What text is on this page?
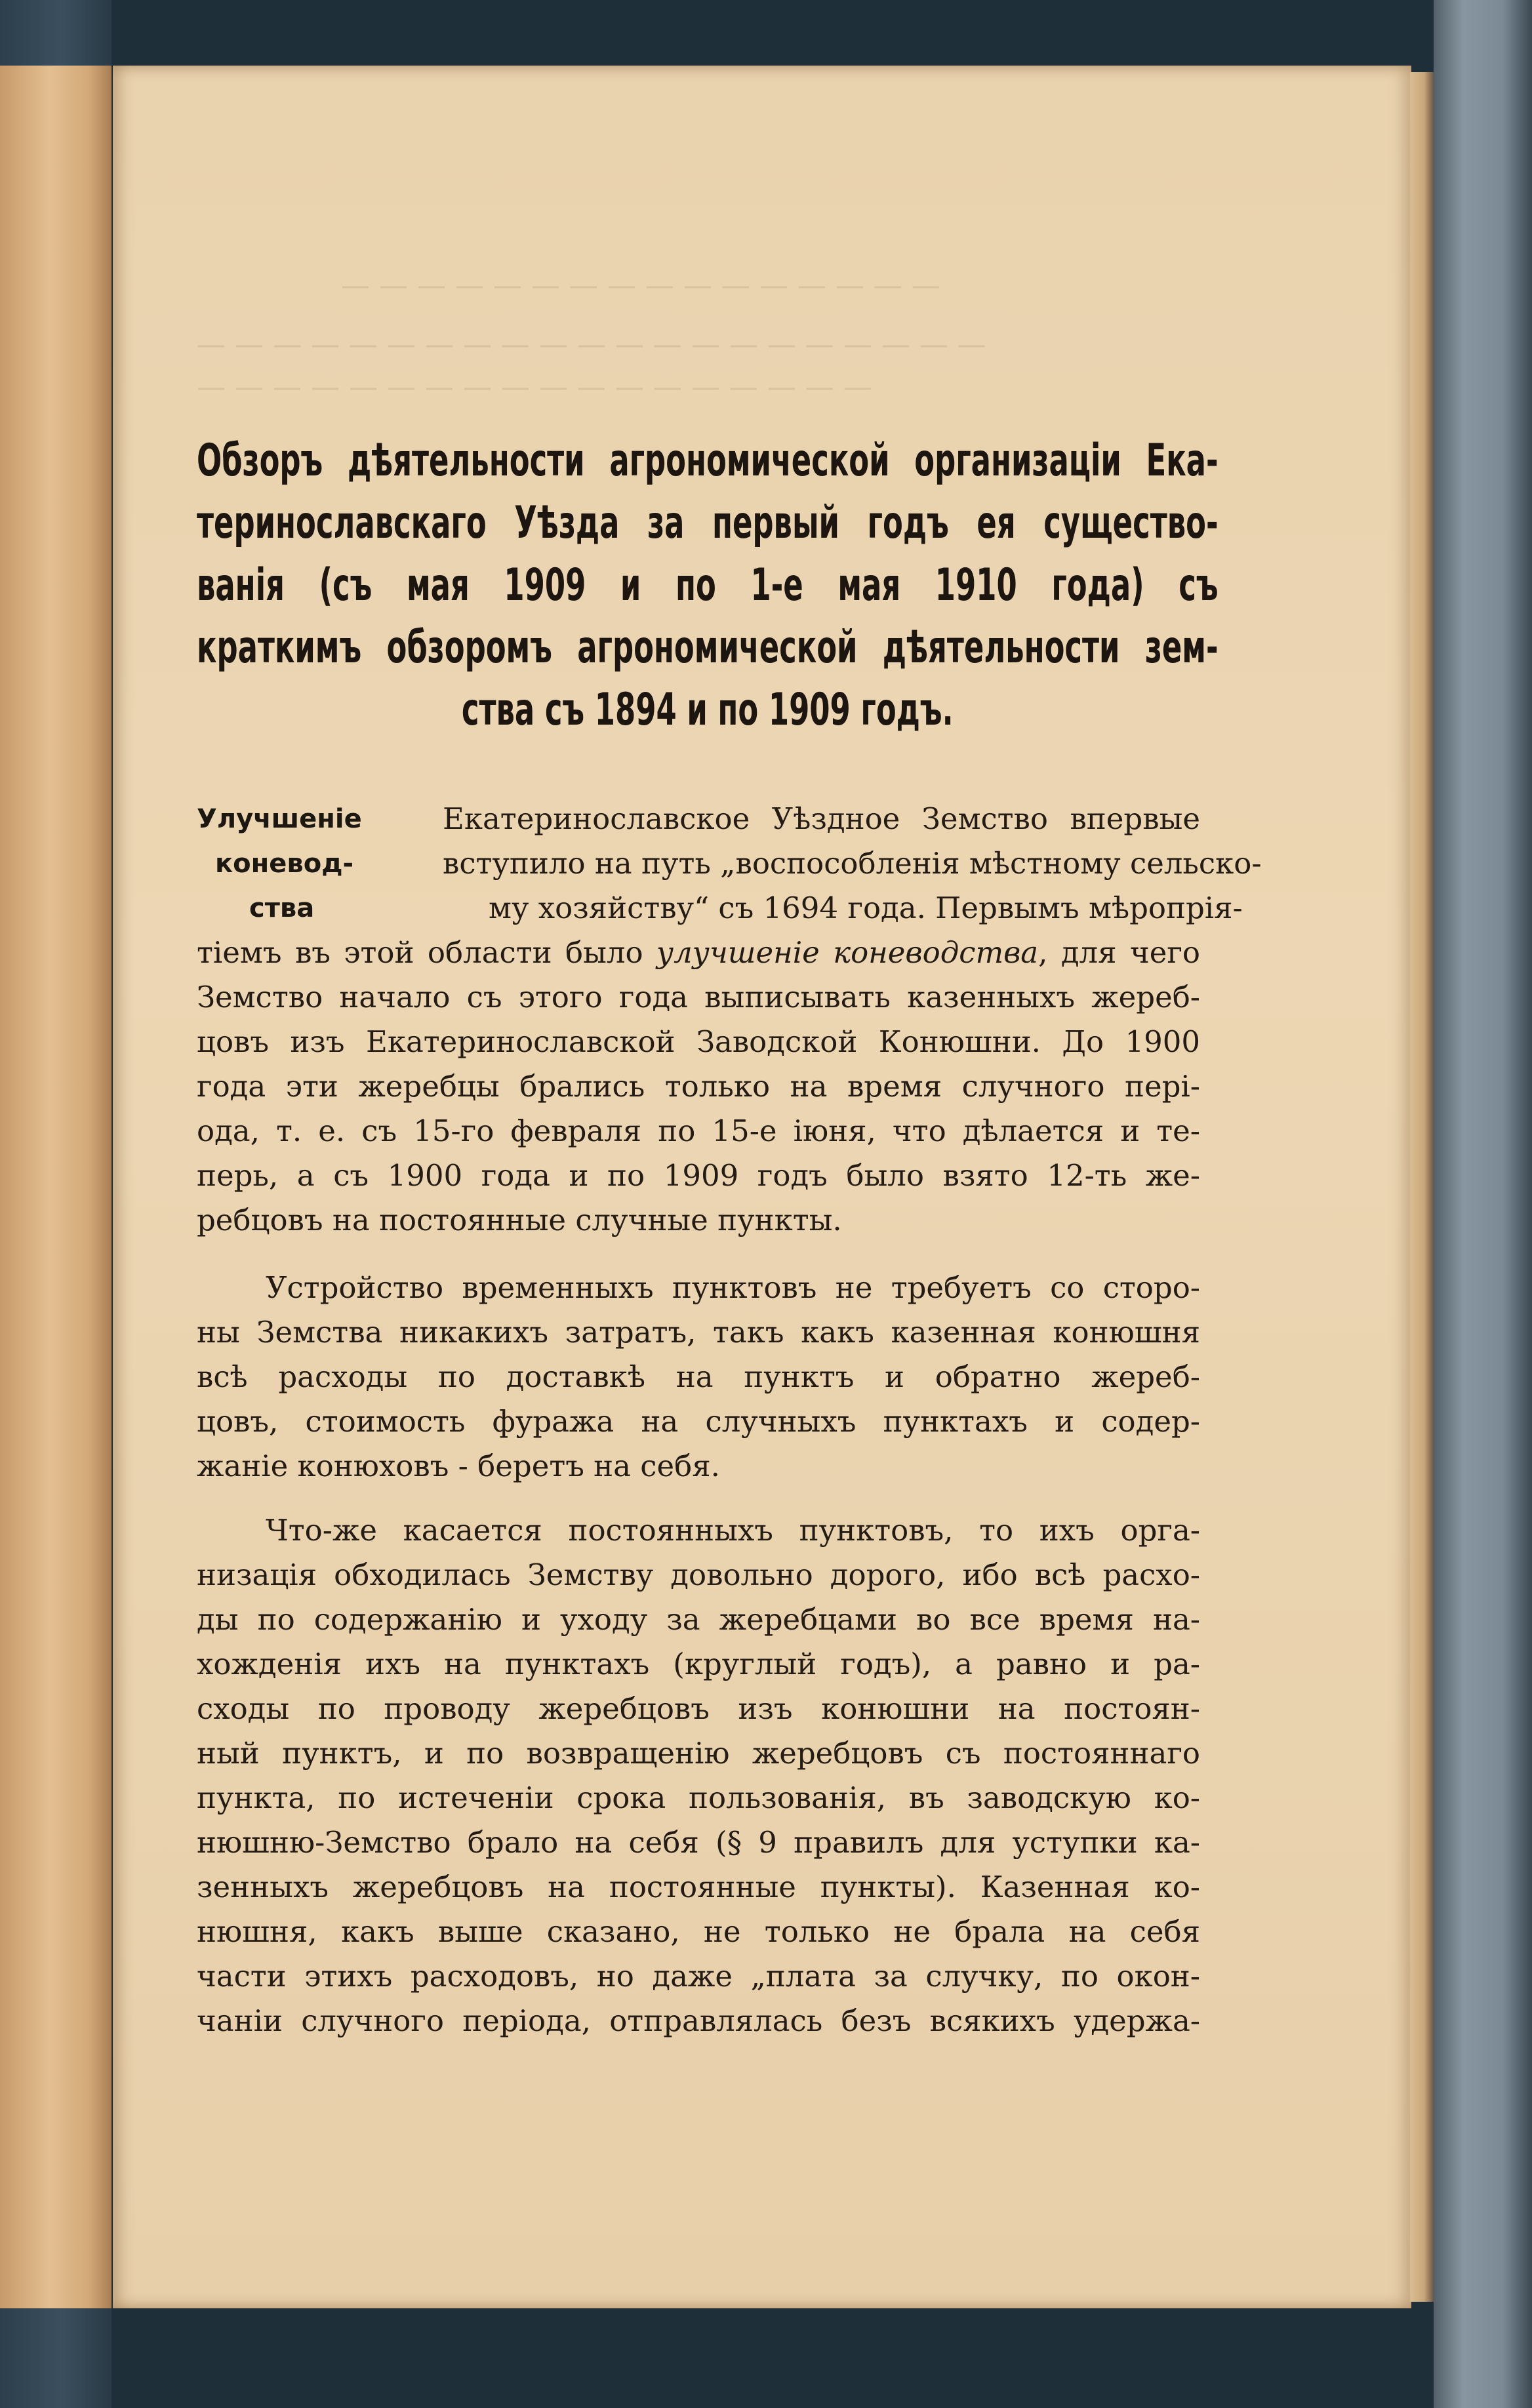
— — — — — — — — — — — — — — — —
— — — — — — — — — — — — — — — — — — — — —
— — — — — — — — — — — — — — — — — —
Обзоръ дѣятельности агрономической организаціи Ека-
теринославскаго Уѣзда за первый годъ ея существо-
ванія (съ мая 1909 и по 1-е мая 1910 года) съ
краткимъ обзоромъ агрономической дѣятельности зем-
ства съ 1894 и по 1909 годъ.
Улучшеніе
коневод-
ства
Екатеринославское Уѣздное Земство впервые
вступило на путь „воспособленія мѣстному сельско-
му хозяйству“ съ 1694 года. Первымъ мѣропрія-
тіемъ въ этой области было улучшеніе коневодства, для чего
Земство начало съ этого года выписывать казенныхъ жереб-
цовъ изъ Екатеринославской Заводской Конюшни. До 1900
года эти жеребцы брались только на время случного пері-
ода, т. е. съ 15-го февраля по 15-е іюня, что дѣлается и те-
перь, а съ 1900 года и по 1909 годъ было взято 12-ть же-
ребцовъ на постоянные случные пункты.
Устройство временныхъ пунктовъ не требуетъ со сторо-
ны Земства никакихъ затратъ, такъ какъ казенная конюшня
всѣ расходы по доставкѣ на пунктъ и обратно жереб-
цовъ, стоимость фуража на случныхъ пунктахъ и содер-
жаніе конюховъ - беретъ на себя.
Что-же касается постоянныхъ пунктовъ, то ихъ орга-
низація обходилась Земству довольно дорого, ибо всѣ расхо-
ды по содержанію и уходу за жеребцами во все время на-
хожденія ихъ на пунктахъ (круглый годъ), а равно и ра-
сходы по проводу жеребцовъ изъ конюшни на постоян-
ный пунктъ, и по возвращенію жеребцовъ съ постояннаго
пункта, по истеченіи срока пользованія, въ заводскую ко-
нюшню-Земство брало на себя (§ 9 правилъ для уступки ка-
зенныхъ жеребцовъ на постоянные пункты). Казенная ко-
нюшня, какъ выше сказано, не только не брала на себя
части этихъ расходовъ, но даже „плата за случку, по окон-
чаніи случного періода, отправлялась безъ всякихъ удержа-
